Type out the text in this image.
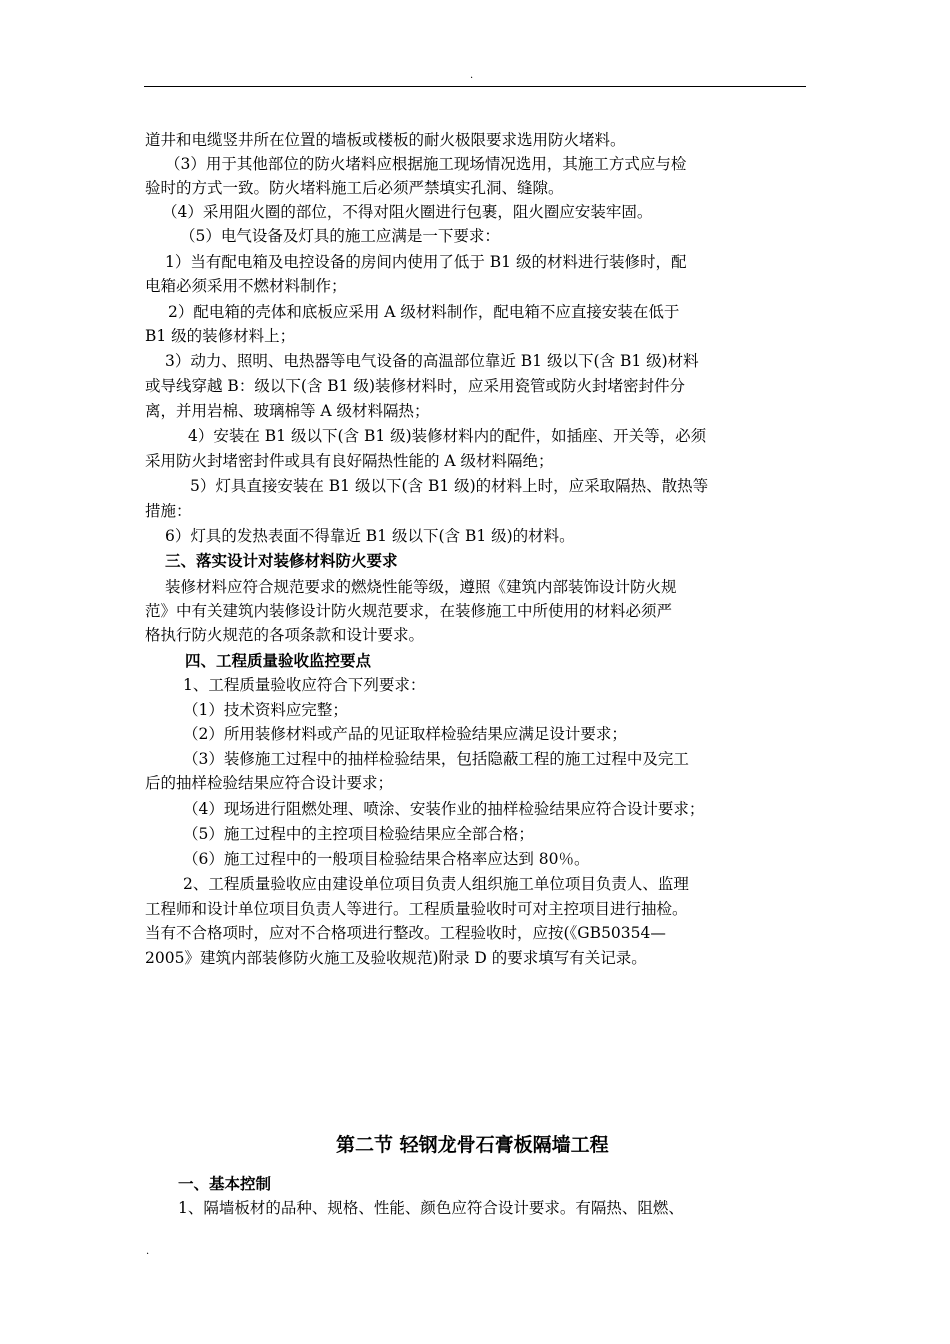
.
道井和电缆竖井所在位置的墙板或楼板的耐火极限要求选用防火堵料。
（3）用于其他部位的防火堵料应根据施工现场情况选用，其施工方式应与检
验时的方式一致。防火堵料施工后必须严禁填实孔洞、缝隙。
（4）采用阻火圈的部位，不得对阻火圈进行包裹，阻火圈应安装牢固。
（5）电气设备及灯具的施工应满是一下要求：
1）当有配电箱及电控设备的房间内使用了低于 B1 级的材料进行装修时，配
电箱必须采用不燃材料制作；
2）配电箱的壳体和底板应采用 A 级材料制作，配电箱不应直接安装在低于
B1 级的装修材料上；
3）动力、照明、电热器等电气设备的高温部位靠近 B1 级以下(含 B1 级)材料
或导线穿越 B：级以下(含 B1 级)装修材料时，应采用瓷管或防火封堵密封件分
离，并用岩棉、玻璃棉等 A 级材料隔热；
4）安装在 B1 级以下(含 B1 级)装修材料内的配件，如插座、开关等，必须
采用防火封堵密封件或具有良好隔热性能的 A 级材料隔绝；
5）灯具直接安装在 B1 级以下(含 B1 级)的材料上时，应采取隔热、散热等
措施：
6）灯具的发热表面不得靠近 B1 级以下(含 B1 级)的材料。
三、落实设计对装修材料防火要求
装修材料应符合规范要求的燃烧性能等级，遵照《建筑内部装饰设计防火规
范》中有关建筑内装修设计防火规范要求，在装修施工中所使用的材料必须严
格执行防火规范的各项条款和设计要求。
四、工程质量验收监控要点
1、工程质量验收应符合下列要求：
（1）技术资料应完整；
（2）所用装修材料或产品的见证取样检验结果应满足设计要求；
（3）装修施工过程中的抽样检验结果，包括隐蔽工程的施工过程中及完工
后的抽样检验结果应符合设计要求；
（4）现场进行阻燃处理、喷涂、安装作业的抽样检验结果应符合设计要求；
（5）施工过程中的主控项目检验结果应全部合格；
（6）施工过程中的一般项目检验结果合格率应达到 80％。
2、工程质量验收应由建设单位项目负责人组织施工单位项目负责人、监理
工程师和设计单位项目负责人等进行。工程质量验收时可对主控项目进行抽检。
当有不合格项时，应对不合格项进行整改。工程验收时，应按(《GB50354—
2005》建筑内部装修防火施工及验收规范)附录 D 的要求填写有关记录。
第二节 轻钢龙骨石膏板隔墙工程
一、基本控制
1、隔墙板材的品种、规格、性能、颜色应符合设计要求。有隔热、阻燃、
.
